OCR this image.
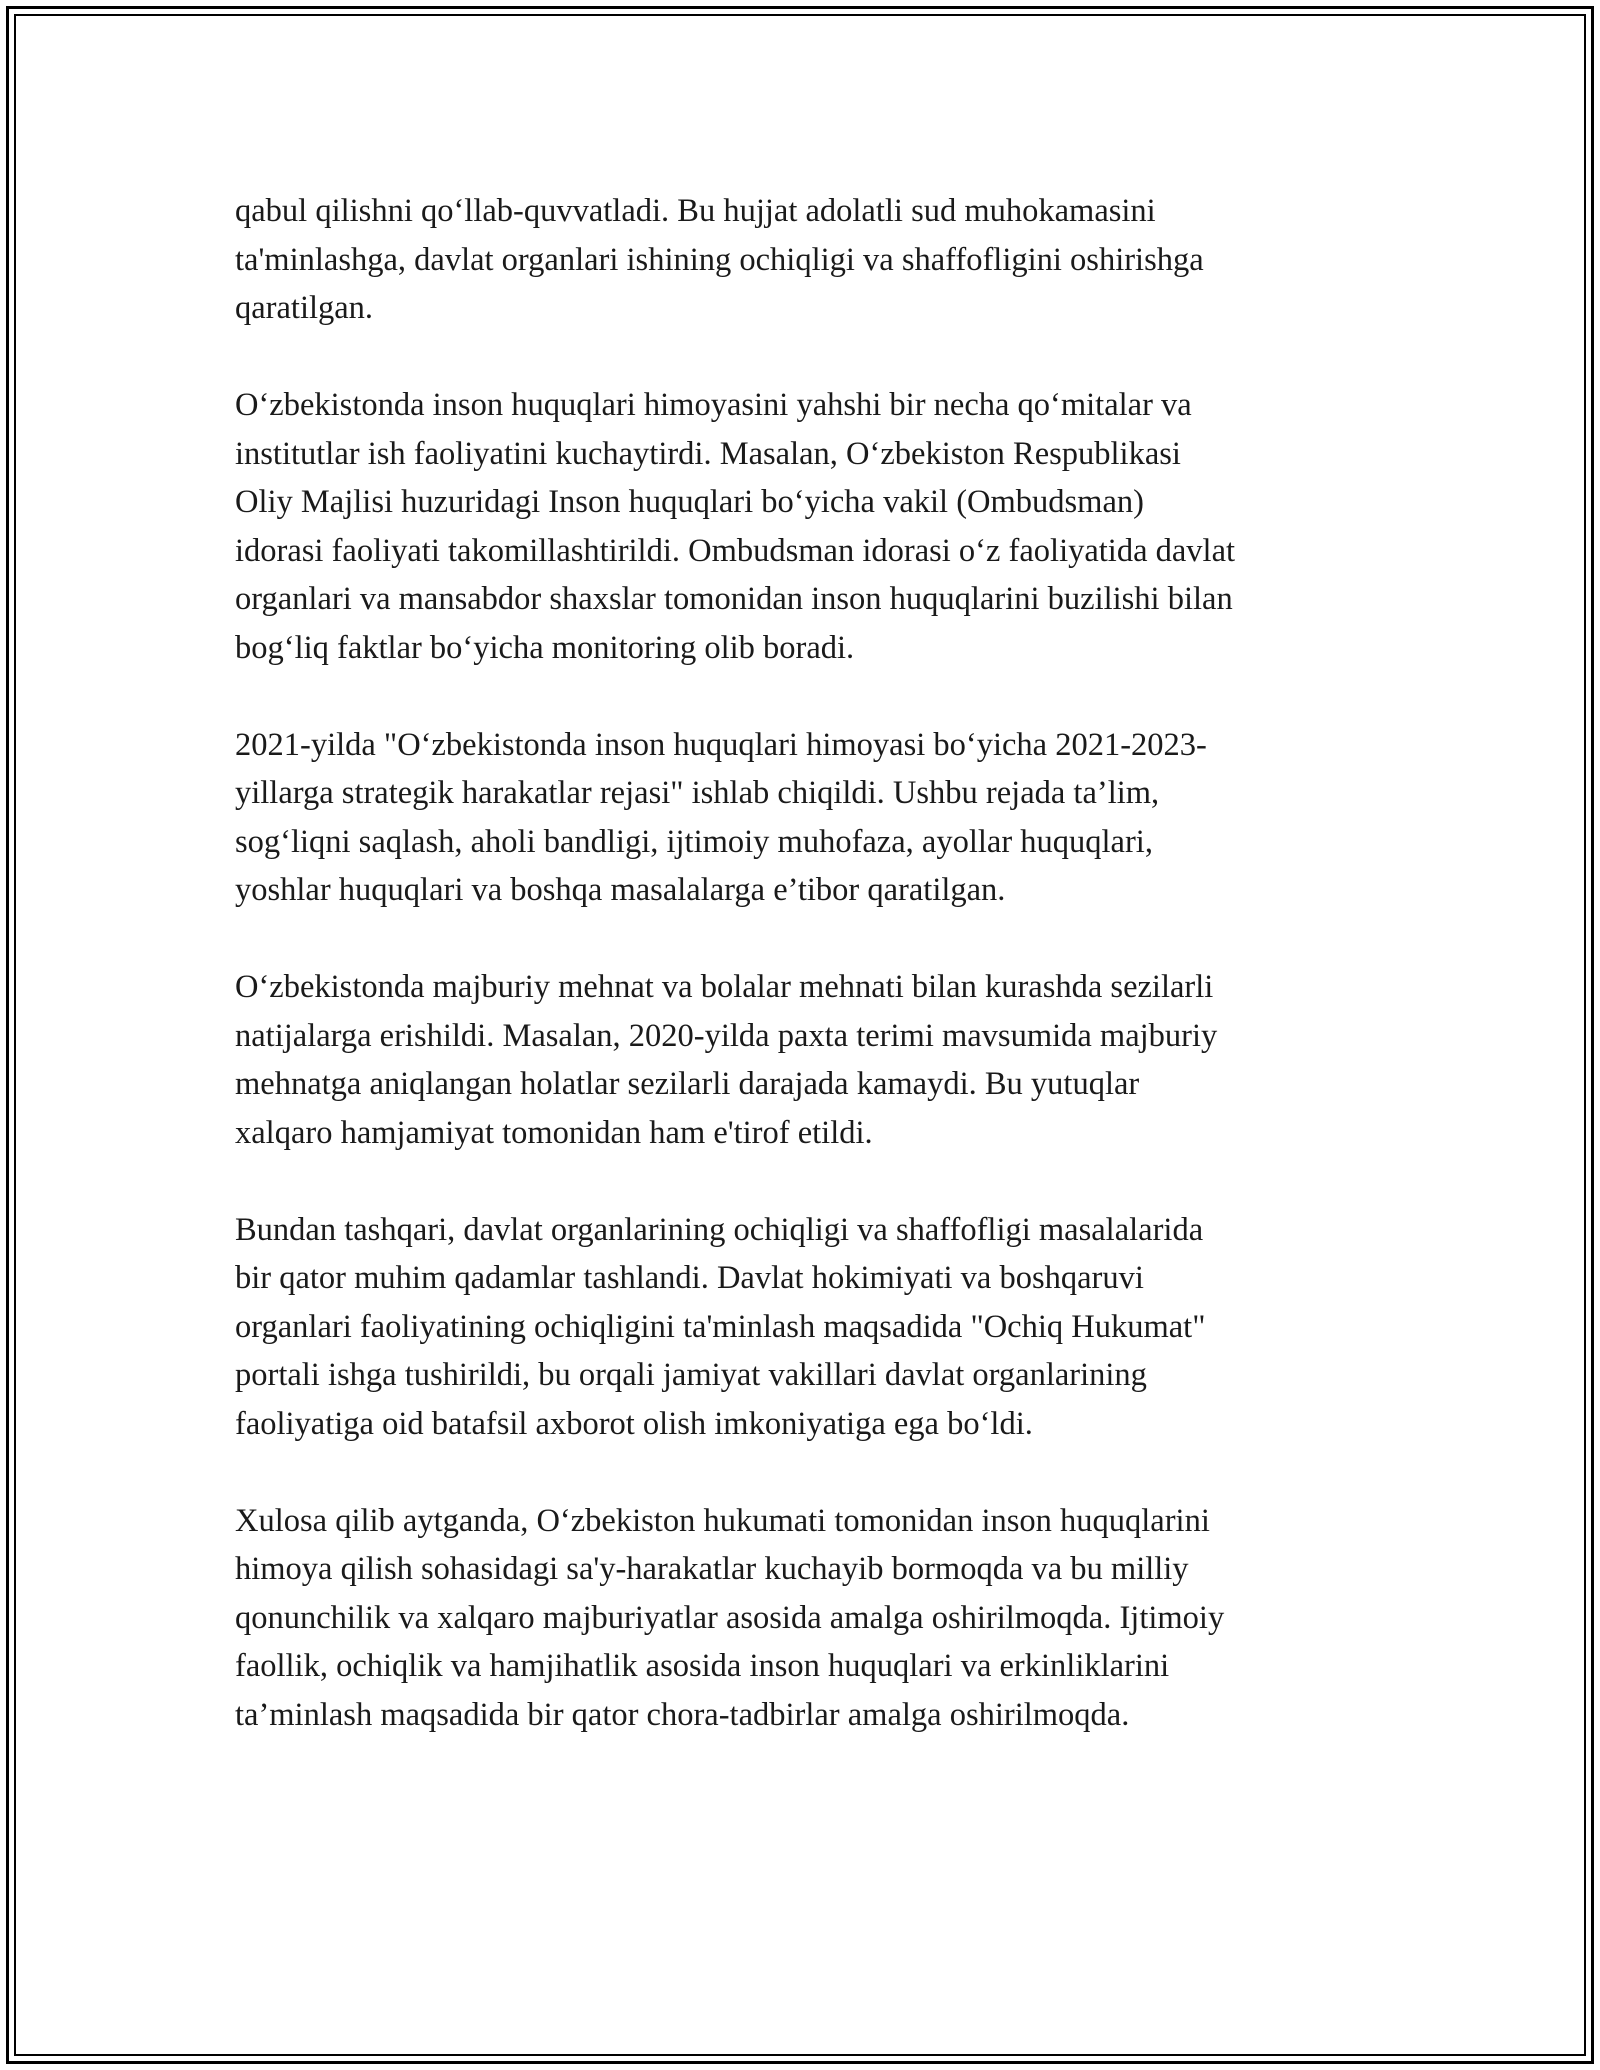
qabul qilishni qo‘llab-quvvatladi. Bu hujjat adolatli sud muhokamasini
ta'minlashga, davlat organlari ishining ochiqligi va shaffofligini oshirishga
qaratilgan.

O‘zbekistonda inson huquqlari himoyasini yahshi bir necha qo‘mitalar va
institutlar ish faoliyatini kuchaytirdi. Masalan, O‘zbekiston Respublikasi
Oliy Majlisi huzuridagi Inson huquqlari bo‘yicha vakil (Ombudsman)
idorasi faoliyati takomillashtirildi. Ombudsman idorasi o‘z faoliyatida davlat
organlari va mansabdor shaxslar tomonidan inson huquqlarini buzilishi bilan
bog‘liq faktlar bo‘yicha monitoring olib boradi.

2021-yilda "O‘zbekistonda inson huquqlari himoyasi bo‘yicha 2021-2023-
yillarga strategik harakatlar rejasi" ishlab chiqildi. Ushbu rejada ta’lim,
sog‘liqni saqlash, aholi bandligi, ijtimoiy muhofaza, ayollar huquqlari,
yoshlar huquqlari va boshqa masalalarga e’tibor qaratilgan.

O‘zbekistonda majburiy mehnat va bolalar mehnati bilan kurashda sezilarli
natijalarga erishildi. Masalan, 2020-yilda paxta terimi mavsumida majburiy
mehnatga aniqlangan holatlar sezilarli darajada kamaydi. Bu yutuqlar
xalqaro hamjamiyat tomonidan ham e'tirof etildi.

Bundan tashqari, davlat organlarining ochiqligi va shaffofligi masalalarida
bir qator muhim qadamlar tashlandi. Davlat hokimiyati va boshqaruvi
organlari faoliyatining ochiqligini ta'minlash maqsadida "Ochiq Hukumat"
portali ishga tushirildi, bu orqali jamiyat vakillari davlat organlarining
faoliyatiga oid batafsil axborot olish imkoniyatiga ega bo‘ldi.

Xulosa qilib aytganda, O‘zbekiston hukumati tomonidan inson huquqlarini
himoya qilish sohasidagi sa'y-harakatlar kuchayib bormoqda va bu milliy
qonunchilik va xalqaro majburiyatlar asosida amalga oshirilmoqda. Ijtimoiy
faollik, ochiqlik va hamjihatlik asosida inson huquqlari va erkinliklarini
ta’minlash maqsadida bir qator chora-tadbirlar amalga oshirilmoqda.
